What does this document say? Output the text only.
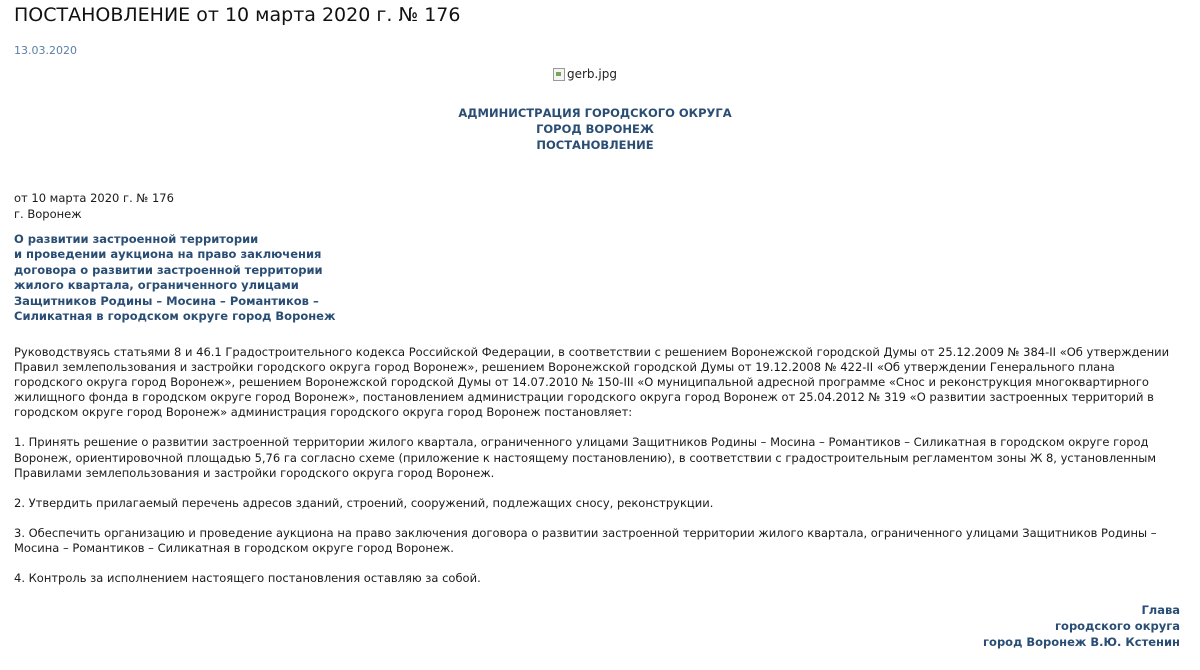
ПОСТАНОВЛЕНИЕ от 10 марта 2020 г. № 176
13.03.2020
gerb.jpg
АДМИНИСТРАЦИЯ ГОРОДСКОГО ОКРУГА
ГОРОД ВОРОНЕЖ
ПОСТАНОВЛЕНИЕ
от 10 марта 2020 г. № 176
г. Воронеж
О развитии застроенной территории
и проведении аукциона на право заключения
договора о развитии застроенной территории
жилого квартала, ограниченного улицами
Защитников Родины – Мосина – Романтиков –
Силикатная в городском округе город Воронеж

Руководствуясь статьями 8 и 46.1 Градостроительного кодекса Российской Федерации, в соответствии с решением Воронежской городской Думы от 25.12.2009 № 384-II «Об утверждении Правил землепользования и застройки городского округа город Воронеж», решением Воронежской городской Думы от 19.12.2008 № 422-II «Об утверждении Генерального плана городского округа город Воронеж», решением Воронежской городской Думы от 14.07.2010 № 150-III «О муниципальной адресной программе «Снос и реконструкция многоквартирного жилищного фонда в городском округе город Воронеж», постановлением администрации городского округа город Воронеж от 25.04.2012 № 319 «О развитии застроенных территорий в городском округе город Воронеж» администрация городского округа город Воронеж постановляет:

1. Принять решение о развитии застроенной территории жилого квартала, ограниченного улицами Защитников Родины – Мосина – Романтиков – Силикатная в городском округе город Воронеж, ориентировочной площадью 5,76 га согласно схеме (приложение к настоящему постановлению), в соответствии с градостроительным регламентом зоны Ж 8, установленным Правилами землепользования и застройки городского округа город Воронеж.

2. Утвердить прилагаемый перечень адресов зданий, строений, сооружений, подлежащих сносу, реконструкции.

3. Обеспечить организацию и проведение аукциона на право заключения договора о развитии застроенной территории жилого квартала, ограниченного улицами Защитников Родины – Мосина – Романтиков – Силикатная в городском округе город Воронеж.

4. Контроль за исполнением настоящего постановления оставляю за собой.

Глава
городского округа
город Воронеж В.Ю. Кстенин
